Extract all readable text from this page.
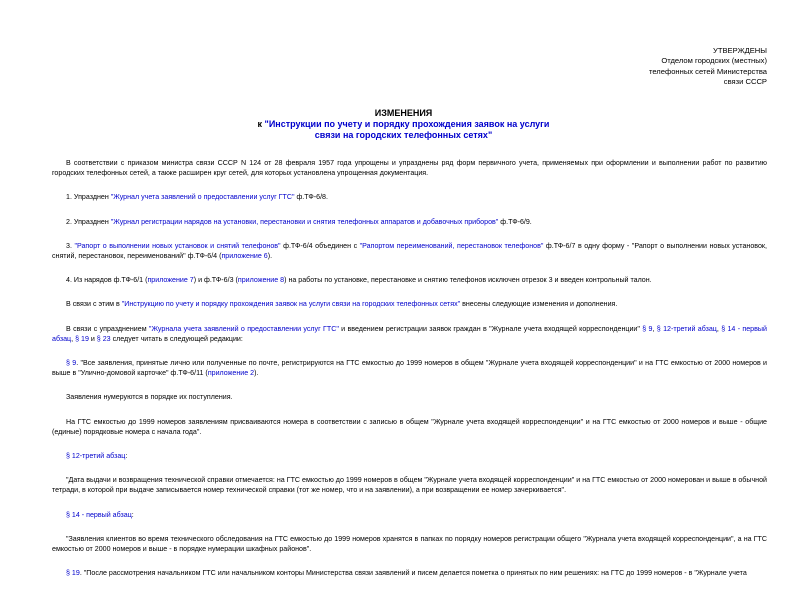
УТВЕРЖДЕНЫ
Отделом городских (местных)
телефонных сетей Министерства
связи СССР
ИЗМЕНЕНИЯ
к "Инструкции по учету и порядку прохождения заявок на услуги
связи на городских телефонных сетях"

В соответствии с приказом министра связи СССР N 124 от 28 февраля 1957 года упрощены и упразднены ряд форм первичного учета, применяемых при оформлении и выполнении работ по развитию городских телефонных сетей, а также расширен круг сетей, для которых установлена упрощенная документация.

1. Упразднен "Журнал учета заявлений о предоставлении услуг ГТС" ф.ТФ-6/8.

2. Упразднен "Журнал регистрации нарядов на установки, перестановки и снятия телефонных аппаратов и добавочных приборов" ф.ТФ-6/9.

3. "Рапорт о выполнении новых установок и снятий телефонов" ф.ТФ-6/4 объединен с "Рапортом переименований, перестановок телефонов" ф.ТФ-6/7 в одну форму - "Рапорт о выполнении новых установок, снятий, перестановок, переименований" ф.ТФ-6/4 (приложение 6).

4. Из нарядов ф.ТФ-6/1 (приложение 7) и ф.ТФ-6/3 (приложение 8) на работы по установке, перестановке и снятию телефонов исключен отрезок 3 и введен контрольный талон.

В связи с этим в "Инструкцию по учету и порядку прохождения заявок на услуги связи на городских телефонных сетях" внесены следующие изменения и дополнения.

В связи с упразднением "Журнала учета заявлений о предоставлении услуг ГТС" и введением регистрации заявок граждан в "Журнале учета входящей корреспонденции" § 9, § 12-третий абзац, § 14 - первый абзац, § 19 и § 23 следует читать в следующей редакции:

§ 9. "Все заявления, принятые лично или полученные по почте, регистрируются на ГТС емкостью до 1999 номеров в общем "Журнале учета входящей корреспонденции" и на ГТС емкостью от 2000 номеров и выше в "Улично-домовой карточке" ф.ТФ-6/11 (приложение 2).

Заявления нумеруются в порядке их поступления.

На ГТС емкостью до 1999 номеров заявлениям присваиваются номера в соответствии с записью в общем "Журнале учета входящей корреспонденции" и на ГТС емкостью от 2000 номеров и выше - общие (единые) порядковые номера с начала года".

§ 12-третий абзац:

"Дата выдачи и возвращения технической справки отмечается: на ГТС емкостью до 1999 номеров в общем "Журнале учета входящей корреспонденции" и на ГТС емкостью от 2000 номерован и выше в обычной тетради, в которой при выдаче записывается номер технической справки (тот же номер, что и на заявлении), а при возвращении ее номер зачеркивается".

§ 14 - первый абзац:

"Заявления клиентов во время технического обследования на ГТС емкостью до 1999 номеров хранятся в папках по порядку номеров регистрации общего "Журнала учета входящей корреспонденции", а на ГТС емкостью от 2000 номеров и выше - в порядке нумерации шкафных районов".

§ 19. "После рассмотрения начальником ГТС или начальником конторы Министерства связи заявлений и писем делается пометка о принятых по ним решениях: на ГТС до 1999 номеров - в "Журнале учета
